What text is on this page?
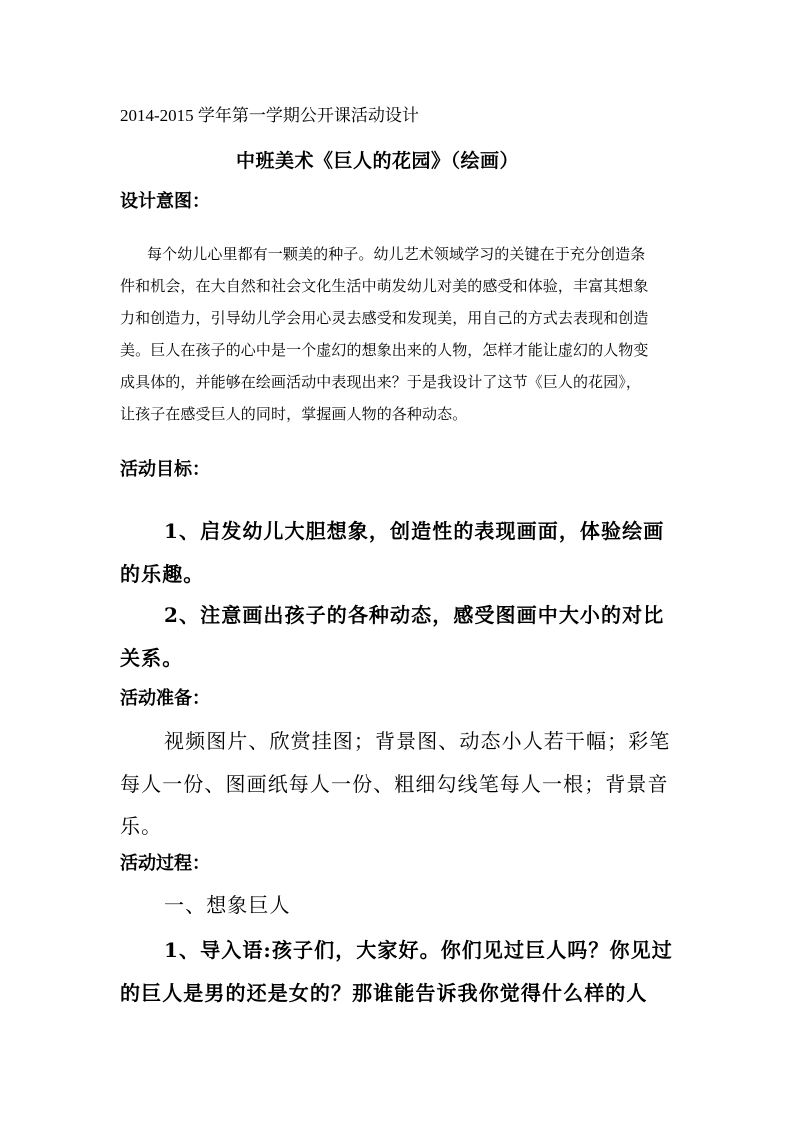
2014-2015 学年第一学期公开课活动设计

中班美术《巨人的花园》（绘画）

设计意图：

每个幼儿心里都有一颗美的种子。幼儿艺术领域学习的关键在于充分创造条

件和机会，在大自然和社会文化生活中萌发幼儿对美的感受和体验，丰富其想象

力和创造力，引导幼儿学会用心灵去感受和发现美，用自己的方式去表现和创造

美。巨人在孩子的心中是一个虚幻的想象出来的人物，怎样才能让虚幻的人物变

成具体的，并能够在绘画活动中表现出来？于是我设计了这节《巨人的花园》，

让孩子在感受巨人的同时，掌握画人物的各种动态。

活动目标：

1、启发幼儿大胆想象，创造性的表现画面，体验绘画

的乐趣。

2、注意画出孩子的各种动态，感受图画中大小的对比

关系。

活动准备：

视频图片、欣赏挂图；背景图、动态小人若干幅；彩笔

每人一份、图画纸每人一份、粗细勾线笔每人一根；背景音

乐。

活动过程：

一、想象巨人

1、导入语:孩子们，大家好。你们见过巨人吗？你见过

的巨人是男的还是女的？那谁能告诉我你觉得什么样的人
